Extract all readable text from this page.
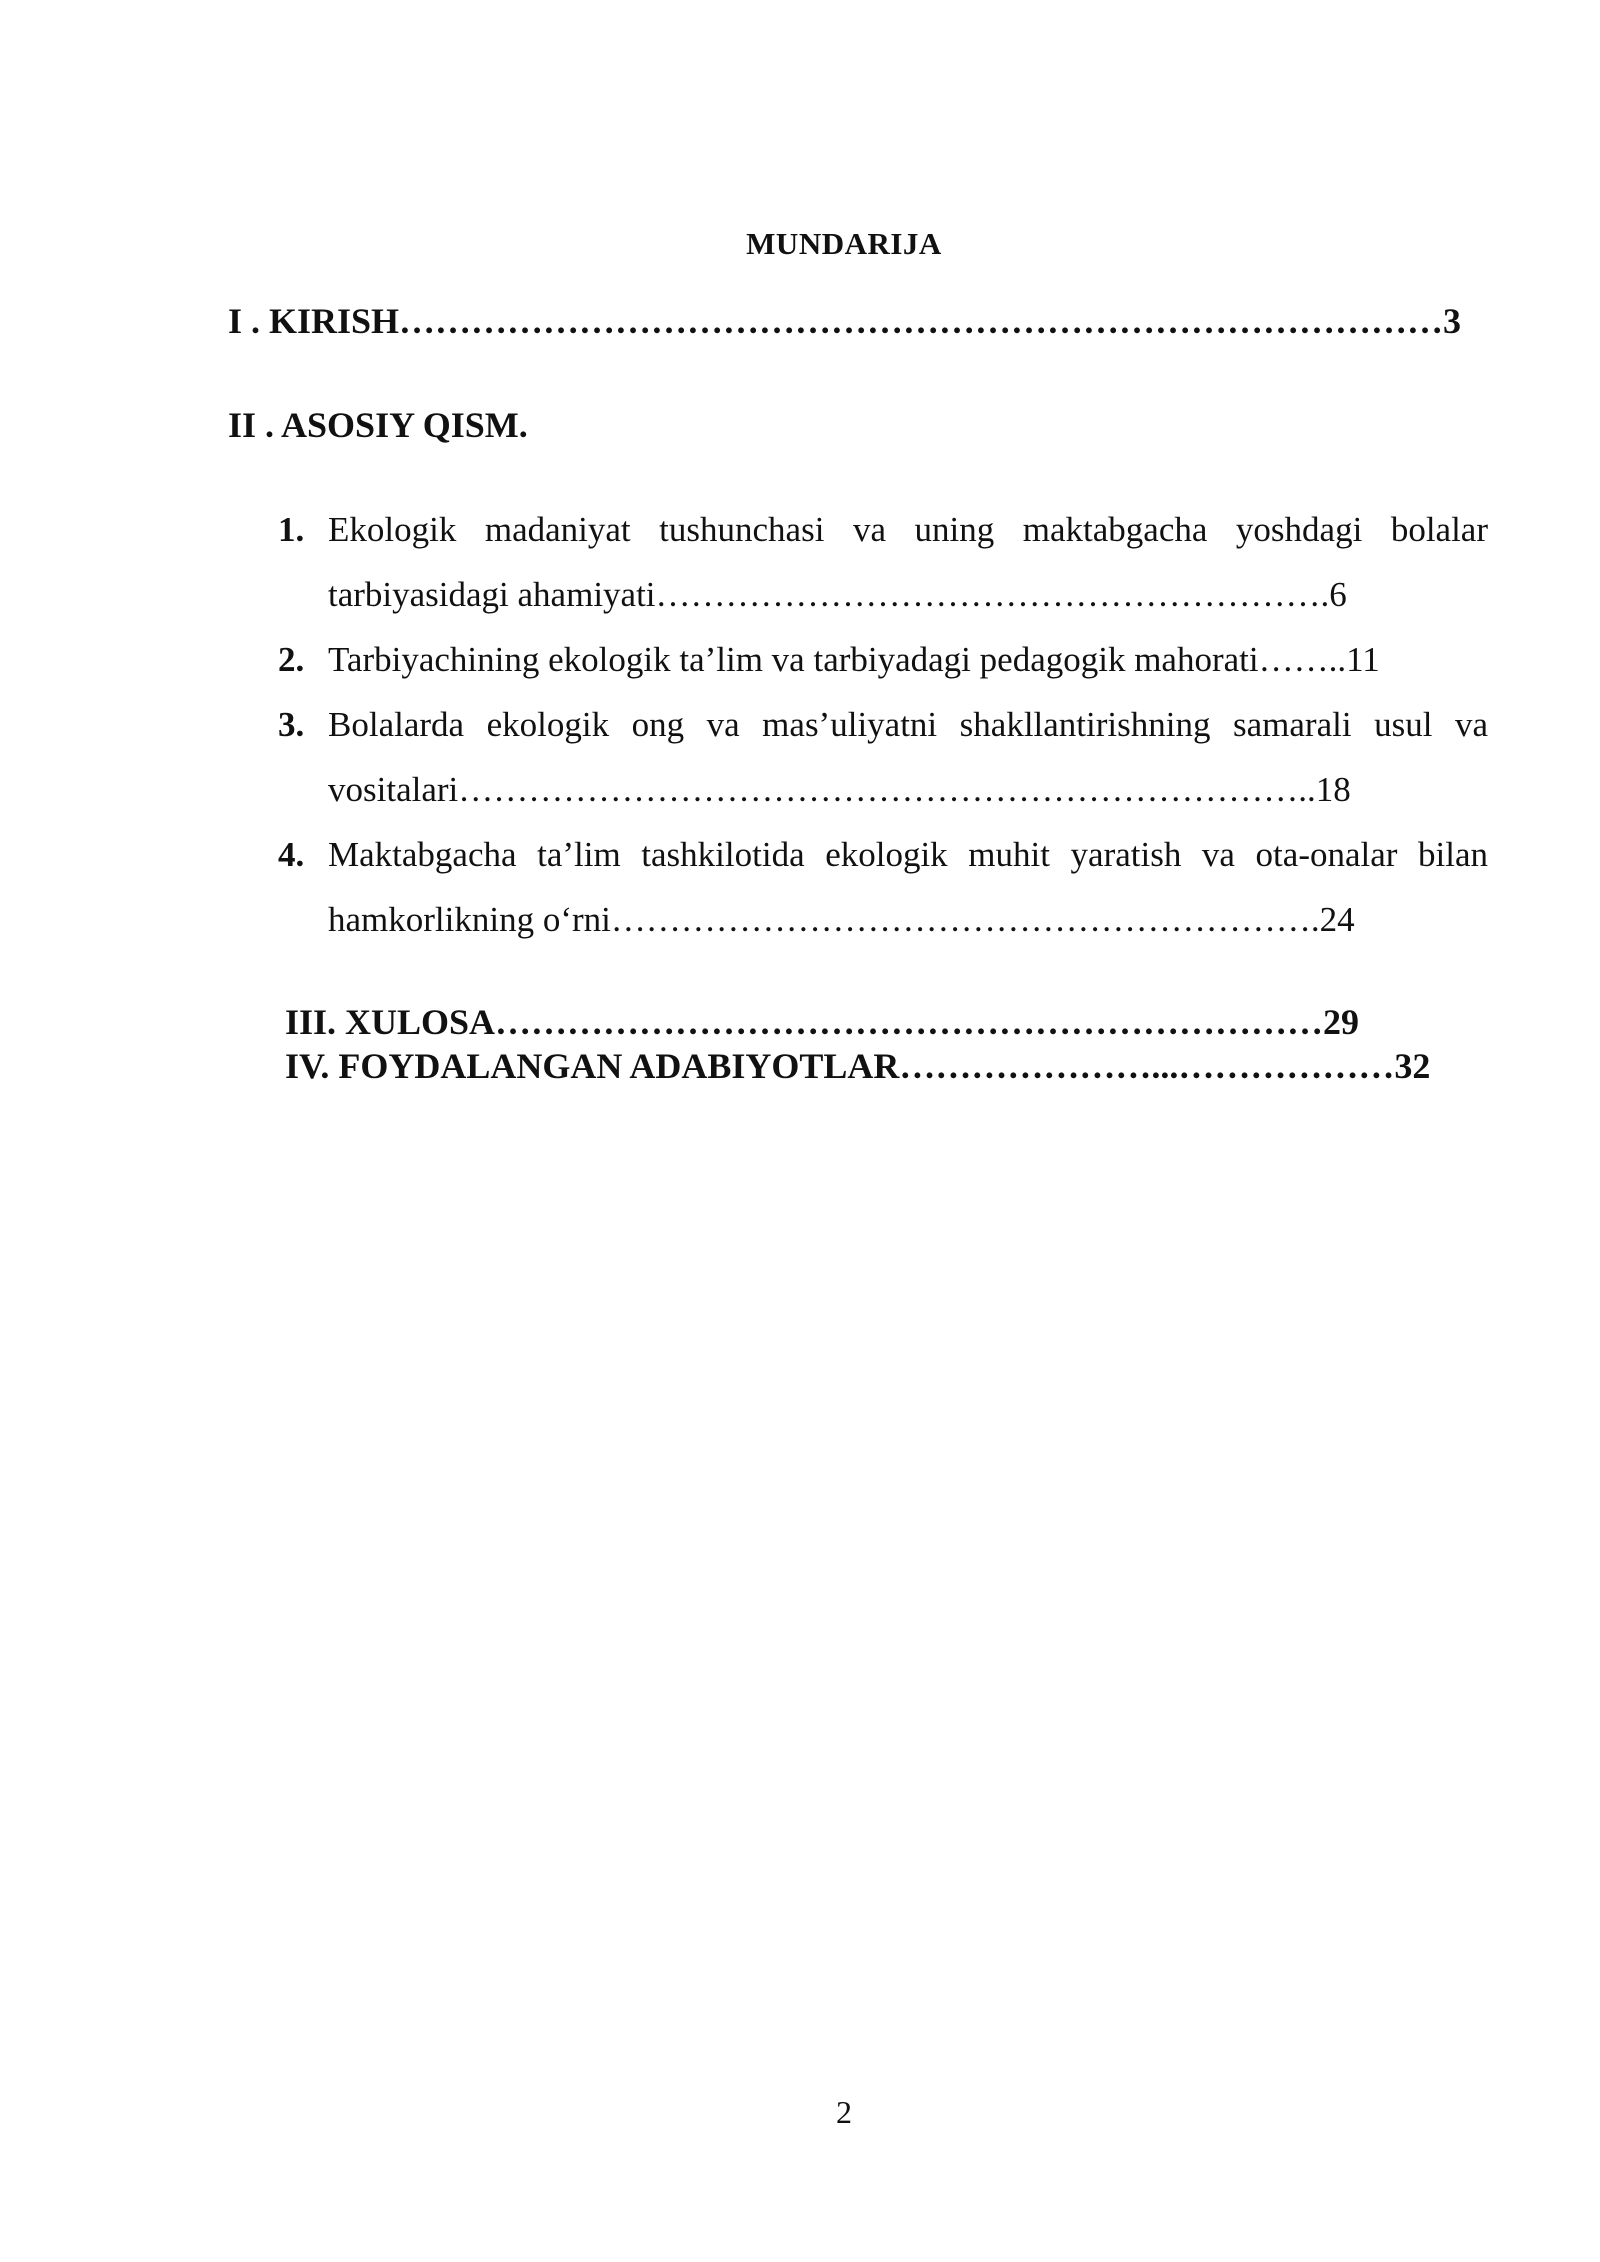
MUNDARIJA
I . KIRISH……………………………………………………………………………3
II . ASOSIY QISM.
1. Ekologik madaniyat tushunchasi va uning maktabgacha yoshdagi bolalar tarbiyasidagi ahamiyati………………………………………………….6
2. Tarbiyachining ekologik ta’lim va tarbiyadagi pedagogik mahorati……..11
3. Bolalarda ekologik ong va mas’uliyatni shakllantirishning samarali usul va vositalari………………………………………………………………..18
4. Maktabgacha ta’lim tashkilotida ekologik muhit yaratish va ota-onalar bilan hamkorlikning o‘rni…………………………………………………….24
III. XULOSA……………………………………………………………29
IV. FOYDALANGAN ADABIYOTLAR…………………...………………32
2
